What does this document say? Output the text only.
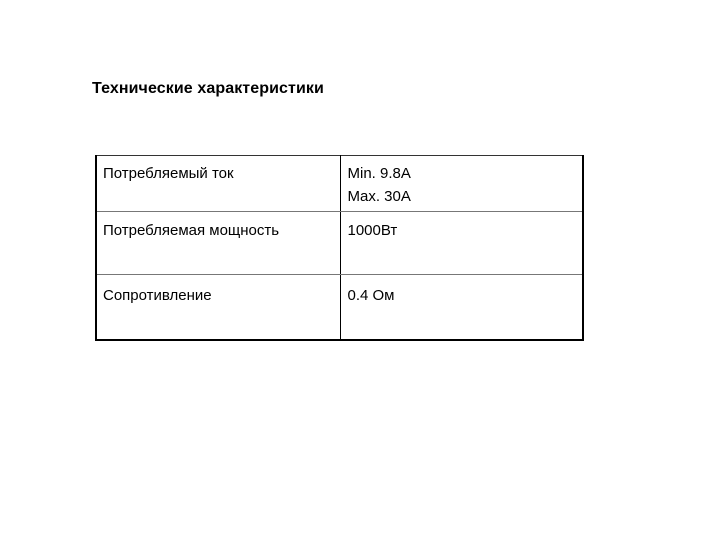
Технические характеристики
Потребляемый ток	Min. 9.8A
Max. 30A

Потребляемая мощность	1000Вт

Сопротивление	0.4 Ом
